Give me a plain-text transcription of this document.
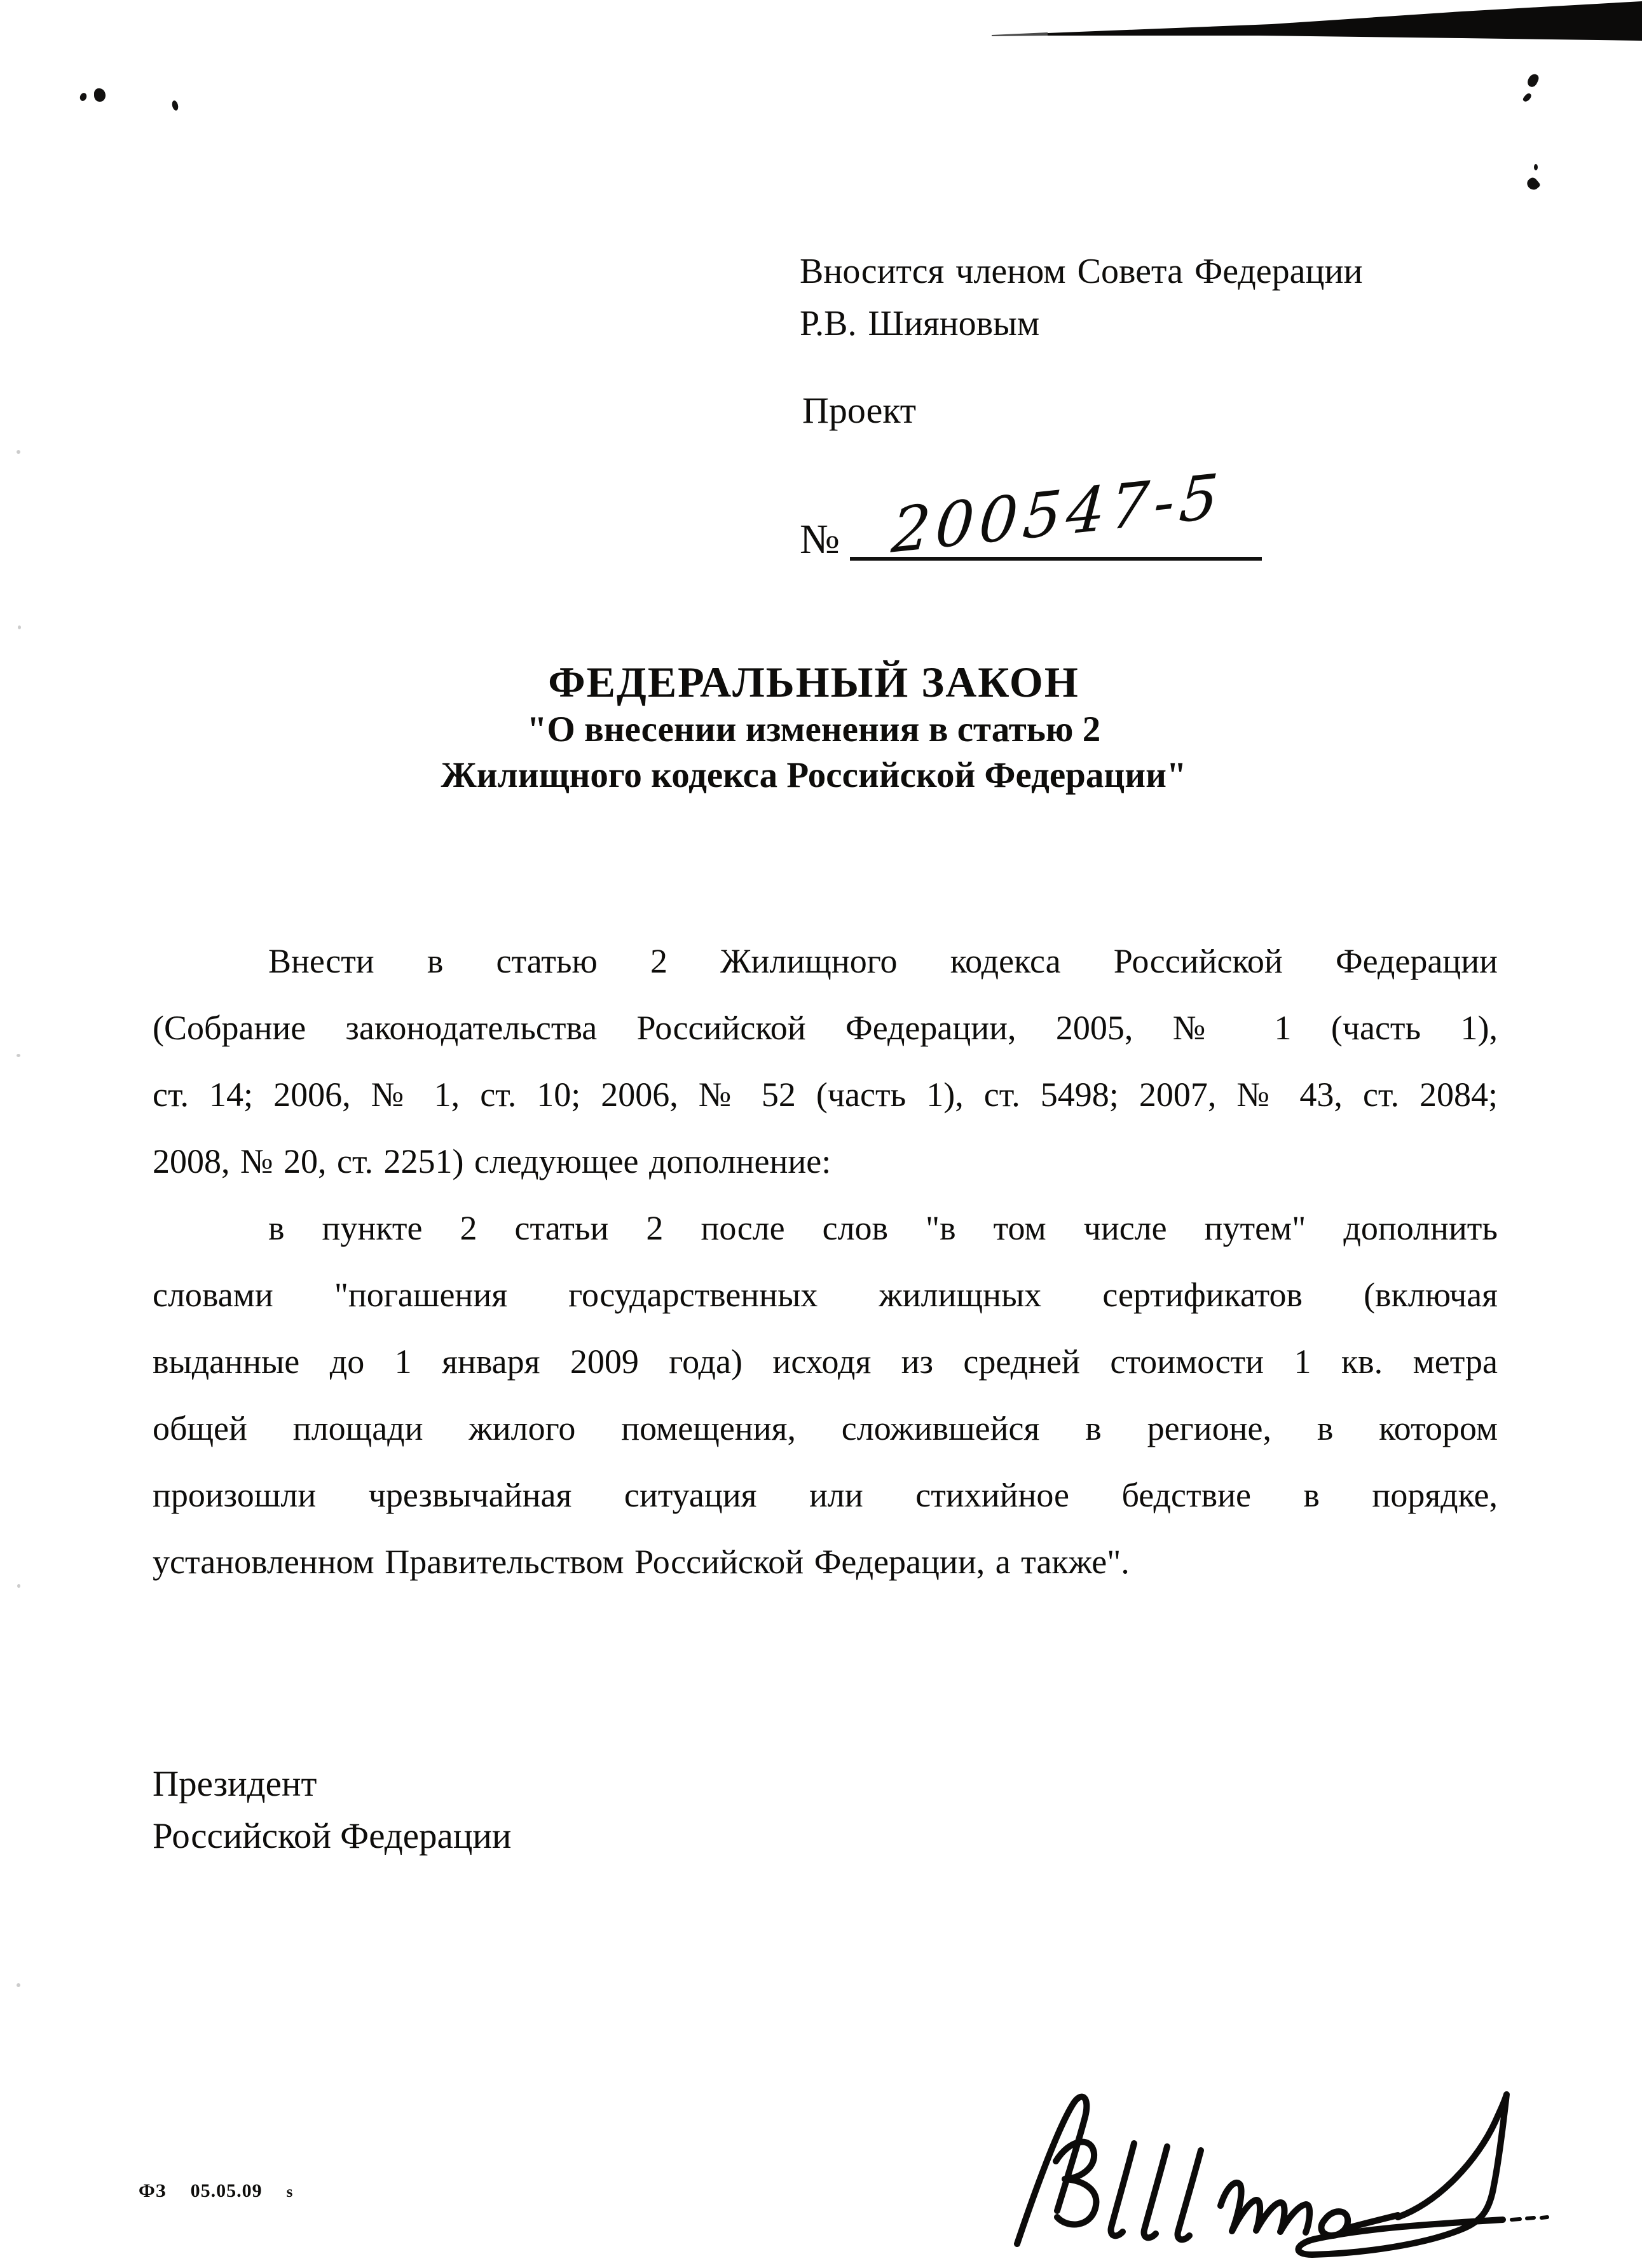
Вносится членом Совета Федерации
Р.В. Шияновым
Проект
№ 200547-5
ФЕДЕРАЛЬНЫЙ ЗАКОН
"О внесении изменения в статью 2
Жилищного кодекса Российской Федерации"
Внести в статью 2 Жилищного кодекса Российской Федерации
(Собрание законодательства Российской Федерации, 2005, № 1 (часть 1),
ст. 14; 2006, № 1, ст. 10; 2006, № 52 (часть 1), ст. 5498; 2007, № 43, ст. 2084;
2008, № 20, ст. 2251) следующее дополнение:
в пункте 2 статьи 2 после слов "в том числе путем" дополнить
словами "погашения государственных жилищных сертификатов (включая
выданные до 1 января 2009 года) исходя из средней стоимости 1 кв. метра
общей площади жилого помещения, сложившейся в регионе, в котором
произошли чрезвычайная ситуация или стихийное бедствие в порядке,
установленном Правительством Российской Федерации, а также".
Президент
Российской Федерации
ФЗ 05.05.09 s
